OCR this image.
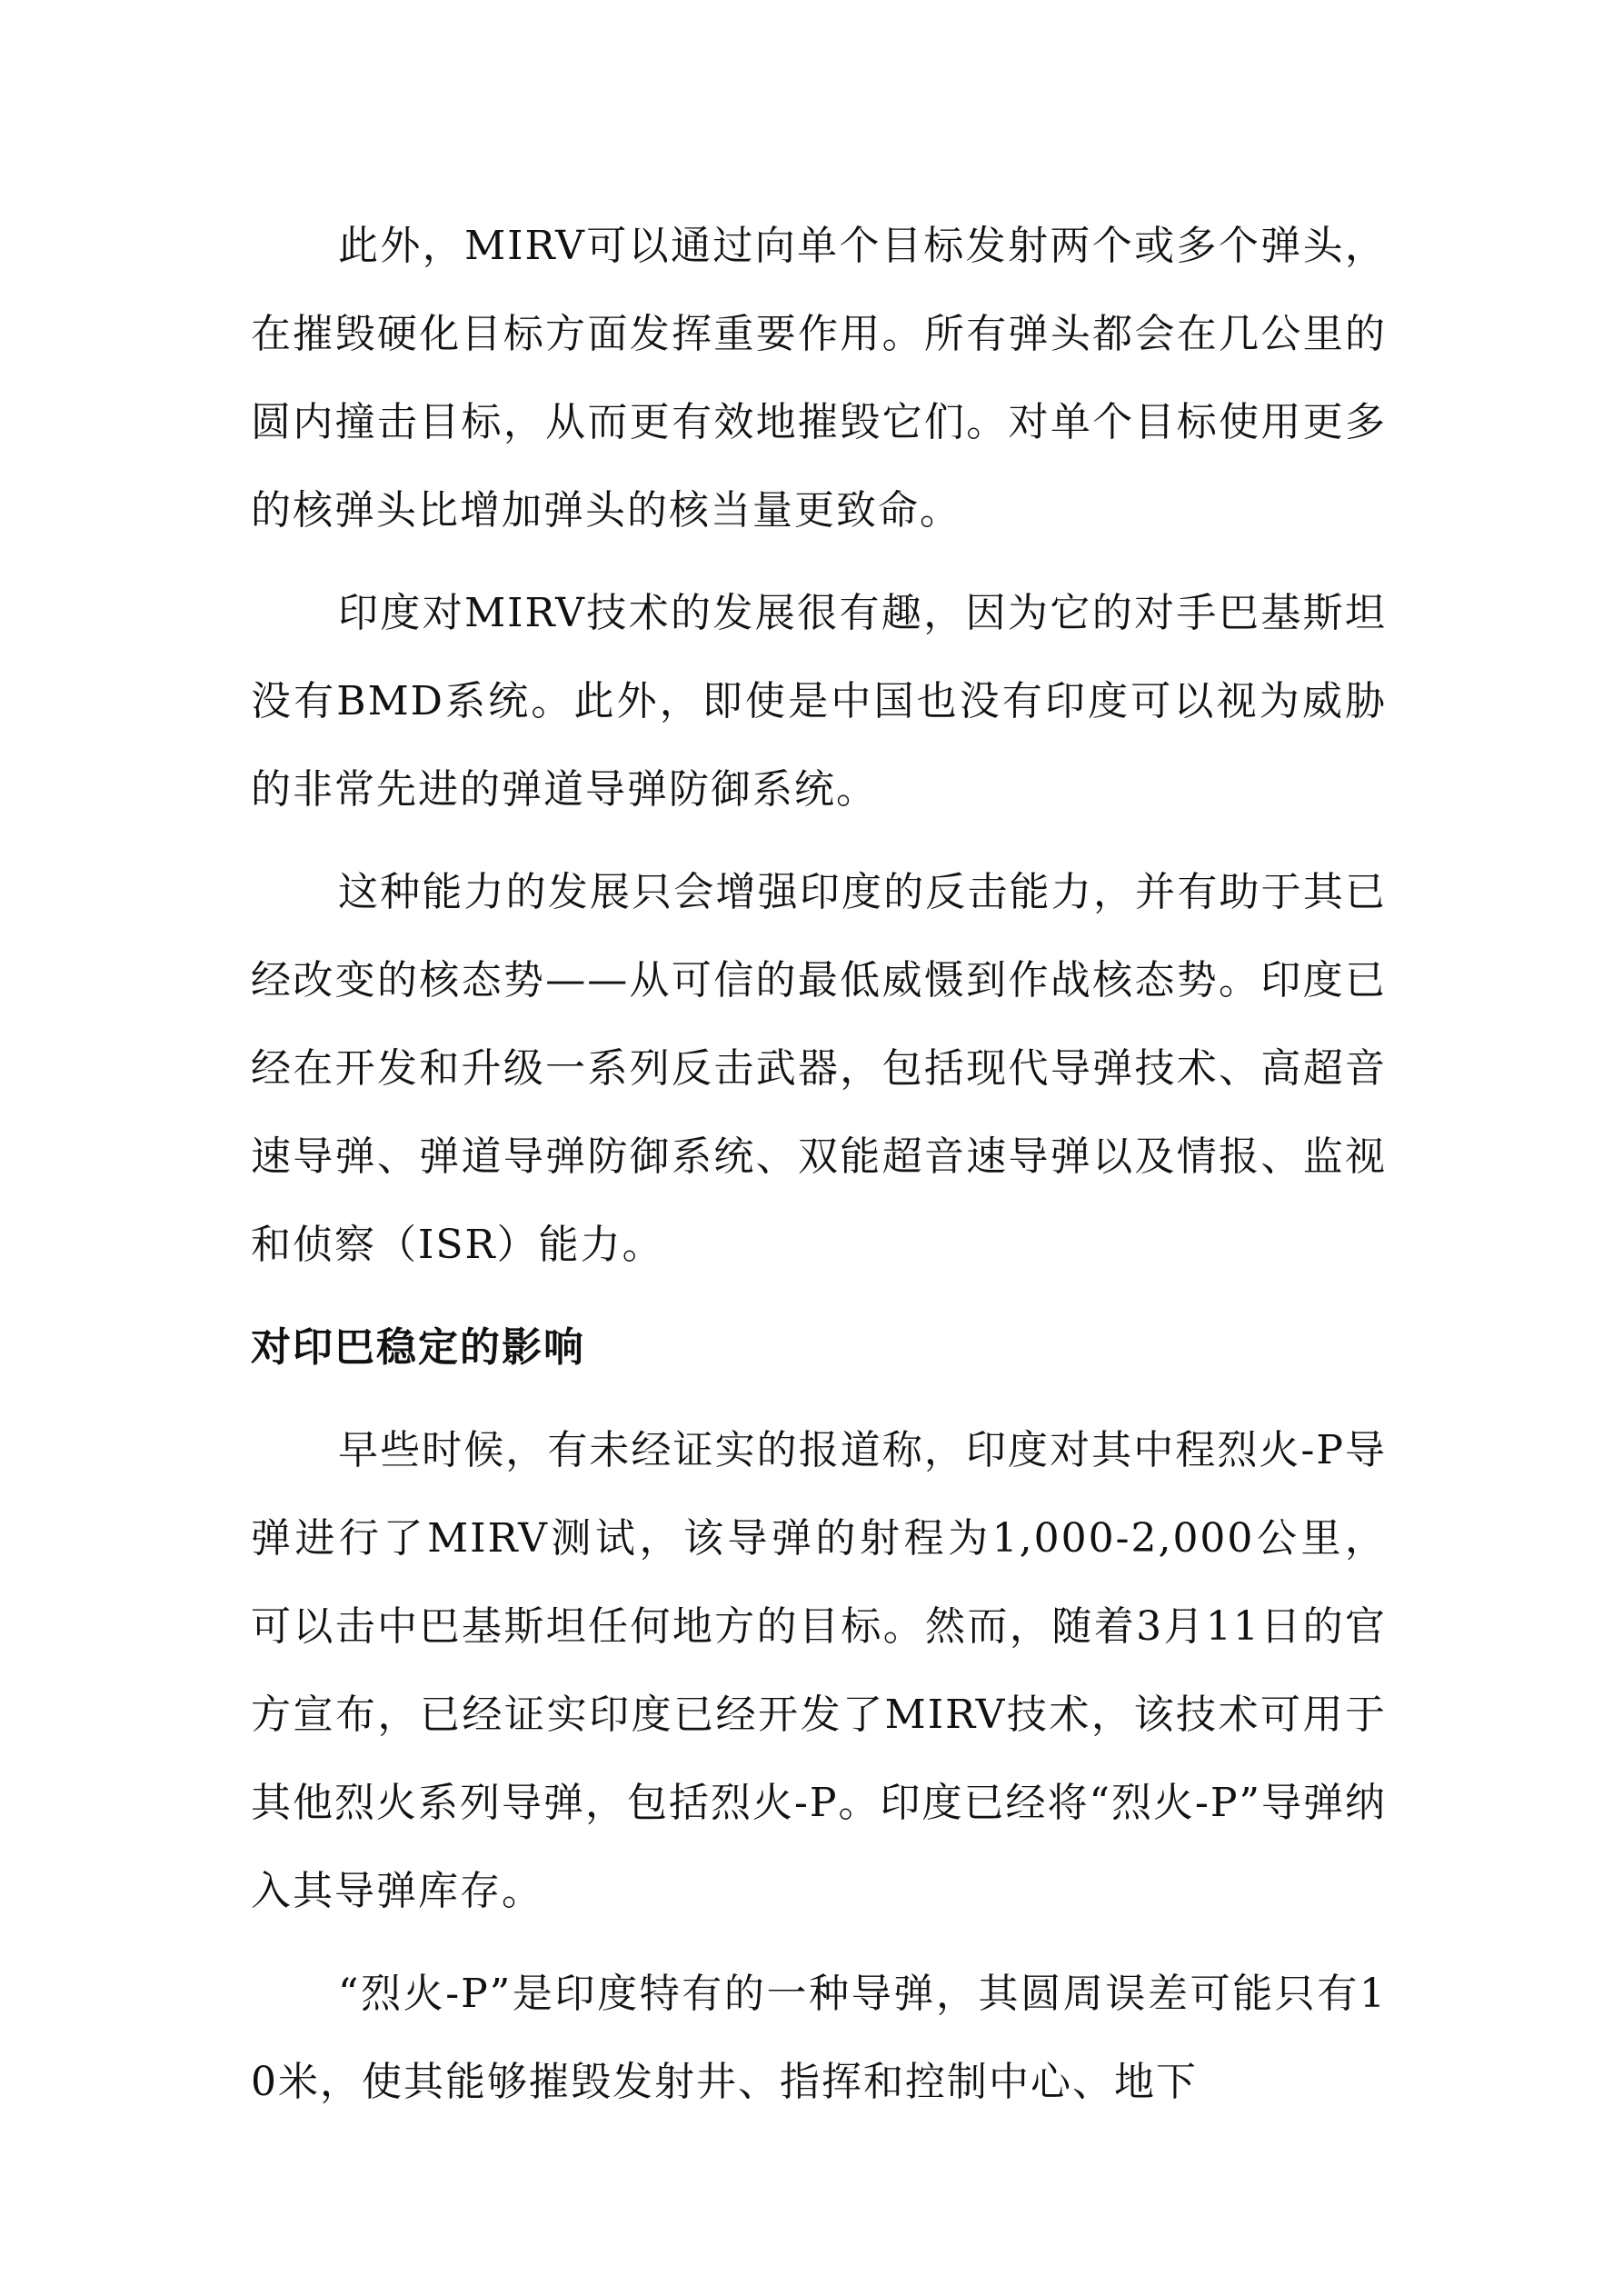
此外，MIRV可以通过向单个目标发射两个或多个弹头，在摧毁硬化目标方面发挥重要作用。所有弹头都会在几公里的圆内撞击目标，从而更有效地摧毁它们。对单个目标使用更多的核弹头比增加弹头的核当量更致命。

印度对MIRV技术的发展很有趣，因为它的对手巴基斯坦没有BMD系统。此外，即使是中国也没有印度可以视为威胁的非常先进的弹道导弹防御系统。

这种能力的发展只会增强印度的反击能力，并有助于其已经改变的核态势——从可信的最低威慑到作战核态势。印度已经在开发和升级一系列反击武器，包括现代导弹技术、高超音速导弹、弹道导弹防御系统、双能超音速导弹以及情报、监视和侦察（ISR）能力。

对印巴稳定的影响

早些时候，有未经证实的报道称，印度对其中程烈火-P导弹进行了MIRV测试，该导弹的射程为1,000-2,000公里，可以击中巴基斯坦任何地方的目标。然而，随着3月11日的官方宣布，已经证实印度已经开发了MIRV技术，该技术可用于其他烈火系列导弹，包括烈火-P。印度已经将“烈火-P”导弹纳入其导弹库存。

“烈火-P”是印度特有的一种导弹，其圆周误差可能只有10米，使其能够摧毁发射井、指挥和控制中心、地下
